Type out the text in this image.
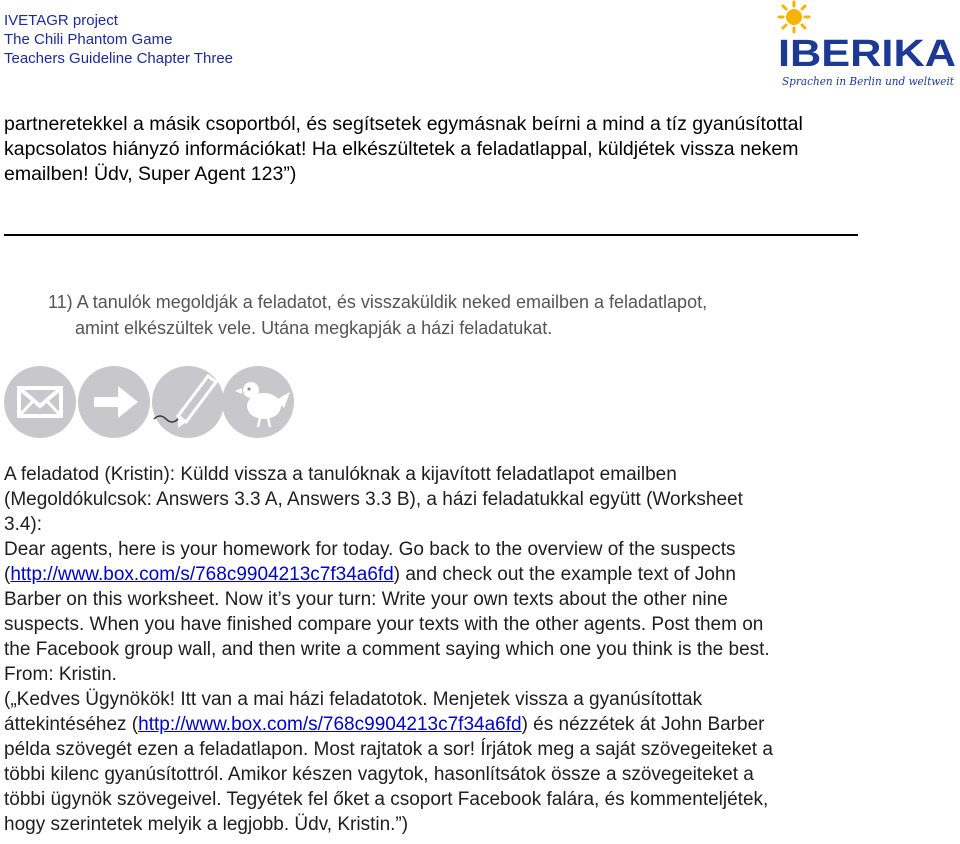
IVETAGR project
The Chili Phantom Game
Teachers Guideline Chapter Three	IBERIKA
Sprachen in Berlin und weltweit

partneretekkel a másik csoportból, és segítsetek egymásnak beírni a mind a tíz gyanúsítottal

kapcsolatos hiányzó információkat! Ha elkészültetek a feladatlappal, küldjétek vissza nekem

emailben! Üdv, Super Agent 123”)

11) A tanulók megoldják a feladatot, és visszaküldik neked emailben a feladatlapot,

amint elkészültek vele. Utána megkapják a házi feladatukat.

A feladatod (Kristin): Küldd vissza a tanulóknak a kijavított feladatlapot emailben

(Megoldókulcsok: Answers 3.3 A, Answers 3.3 B), a házi feladatukkal együtt (Worksheet

3.4):

Dear agents, here is your homework for today. Go back to the overview of the suspects

(http://www.box.com/s/768c9904213c7f34a6fd) and check out the example text of John

Barber on this worksheet. Now it’s your turn: Write your own texts about the other nine

suspects. When you have finished compare your texts with the other agents. Post them on

the Facebook group wall, and then write a comment saying which one you think is the best.

From: Kristin.

(„Kedves Ügynökök! Itt van a mai házi feladatotok. Menjetek vissza a gyanúsítottak

áttekintéséhez (http://www.box.com/s/768c9904213c7f34a6fd) és nézzétek át John Barber

példa szövegét ezen a feladatlapon. Most rajtatok a sor! Írjátok meg a saját szövegeiteket a

többi kilenc gyanúsítottról. Amikor készen vagytok, hasonlítsátok össze a szövegeiteket a

többi ügynök szövegeivel. Tegyétek fel őket a csoport Facebook falára, és kommenteljétek,

hogy szerintetek melyik a legjobb. Üdv, Kristin.”)
